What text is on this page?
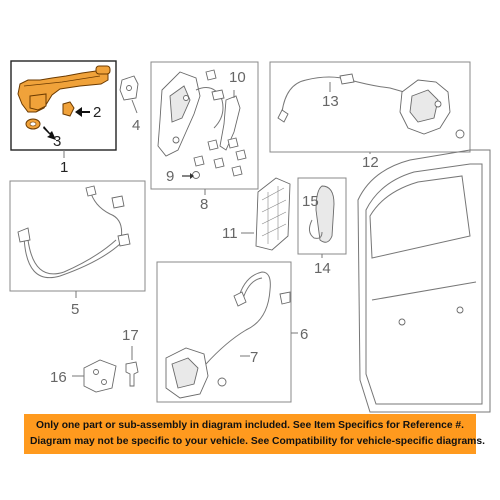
2
3
1
4
10
9
8
13
12
5
11
15
14
7
6
16
17
Only one part or sub-assembly in diagram included. See Item Specifics for Reference #.
Diagram may not be specific to your vehicle. See Compatibility for vehicle-specific diagrams.
